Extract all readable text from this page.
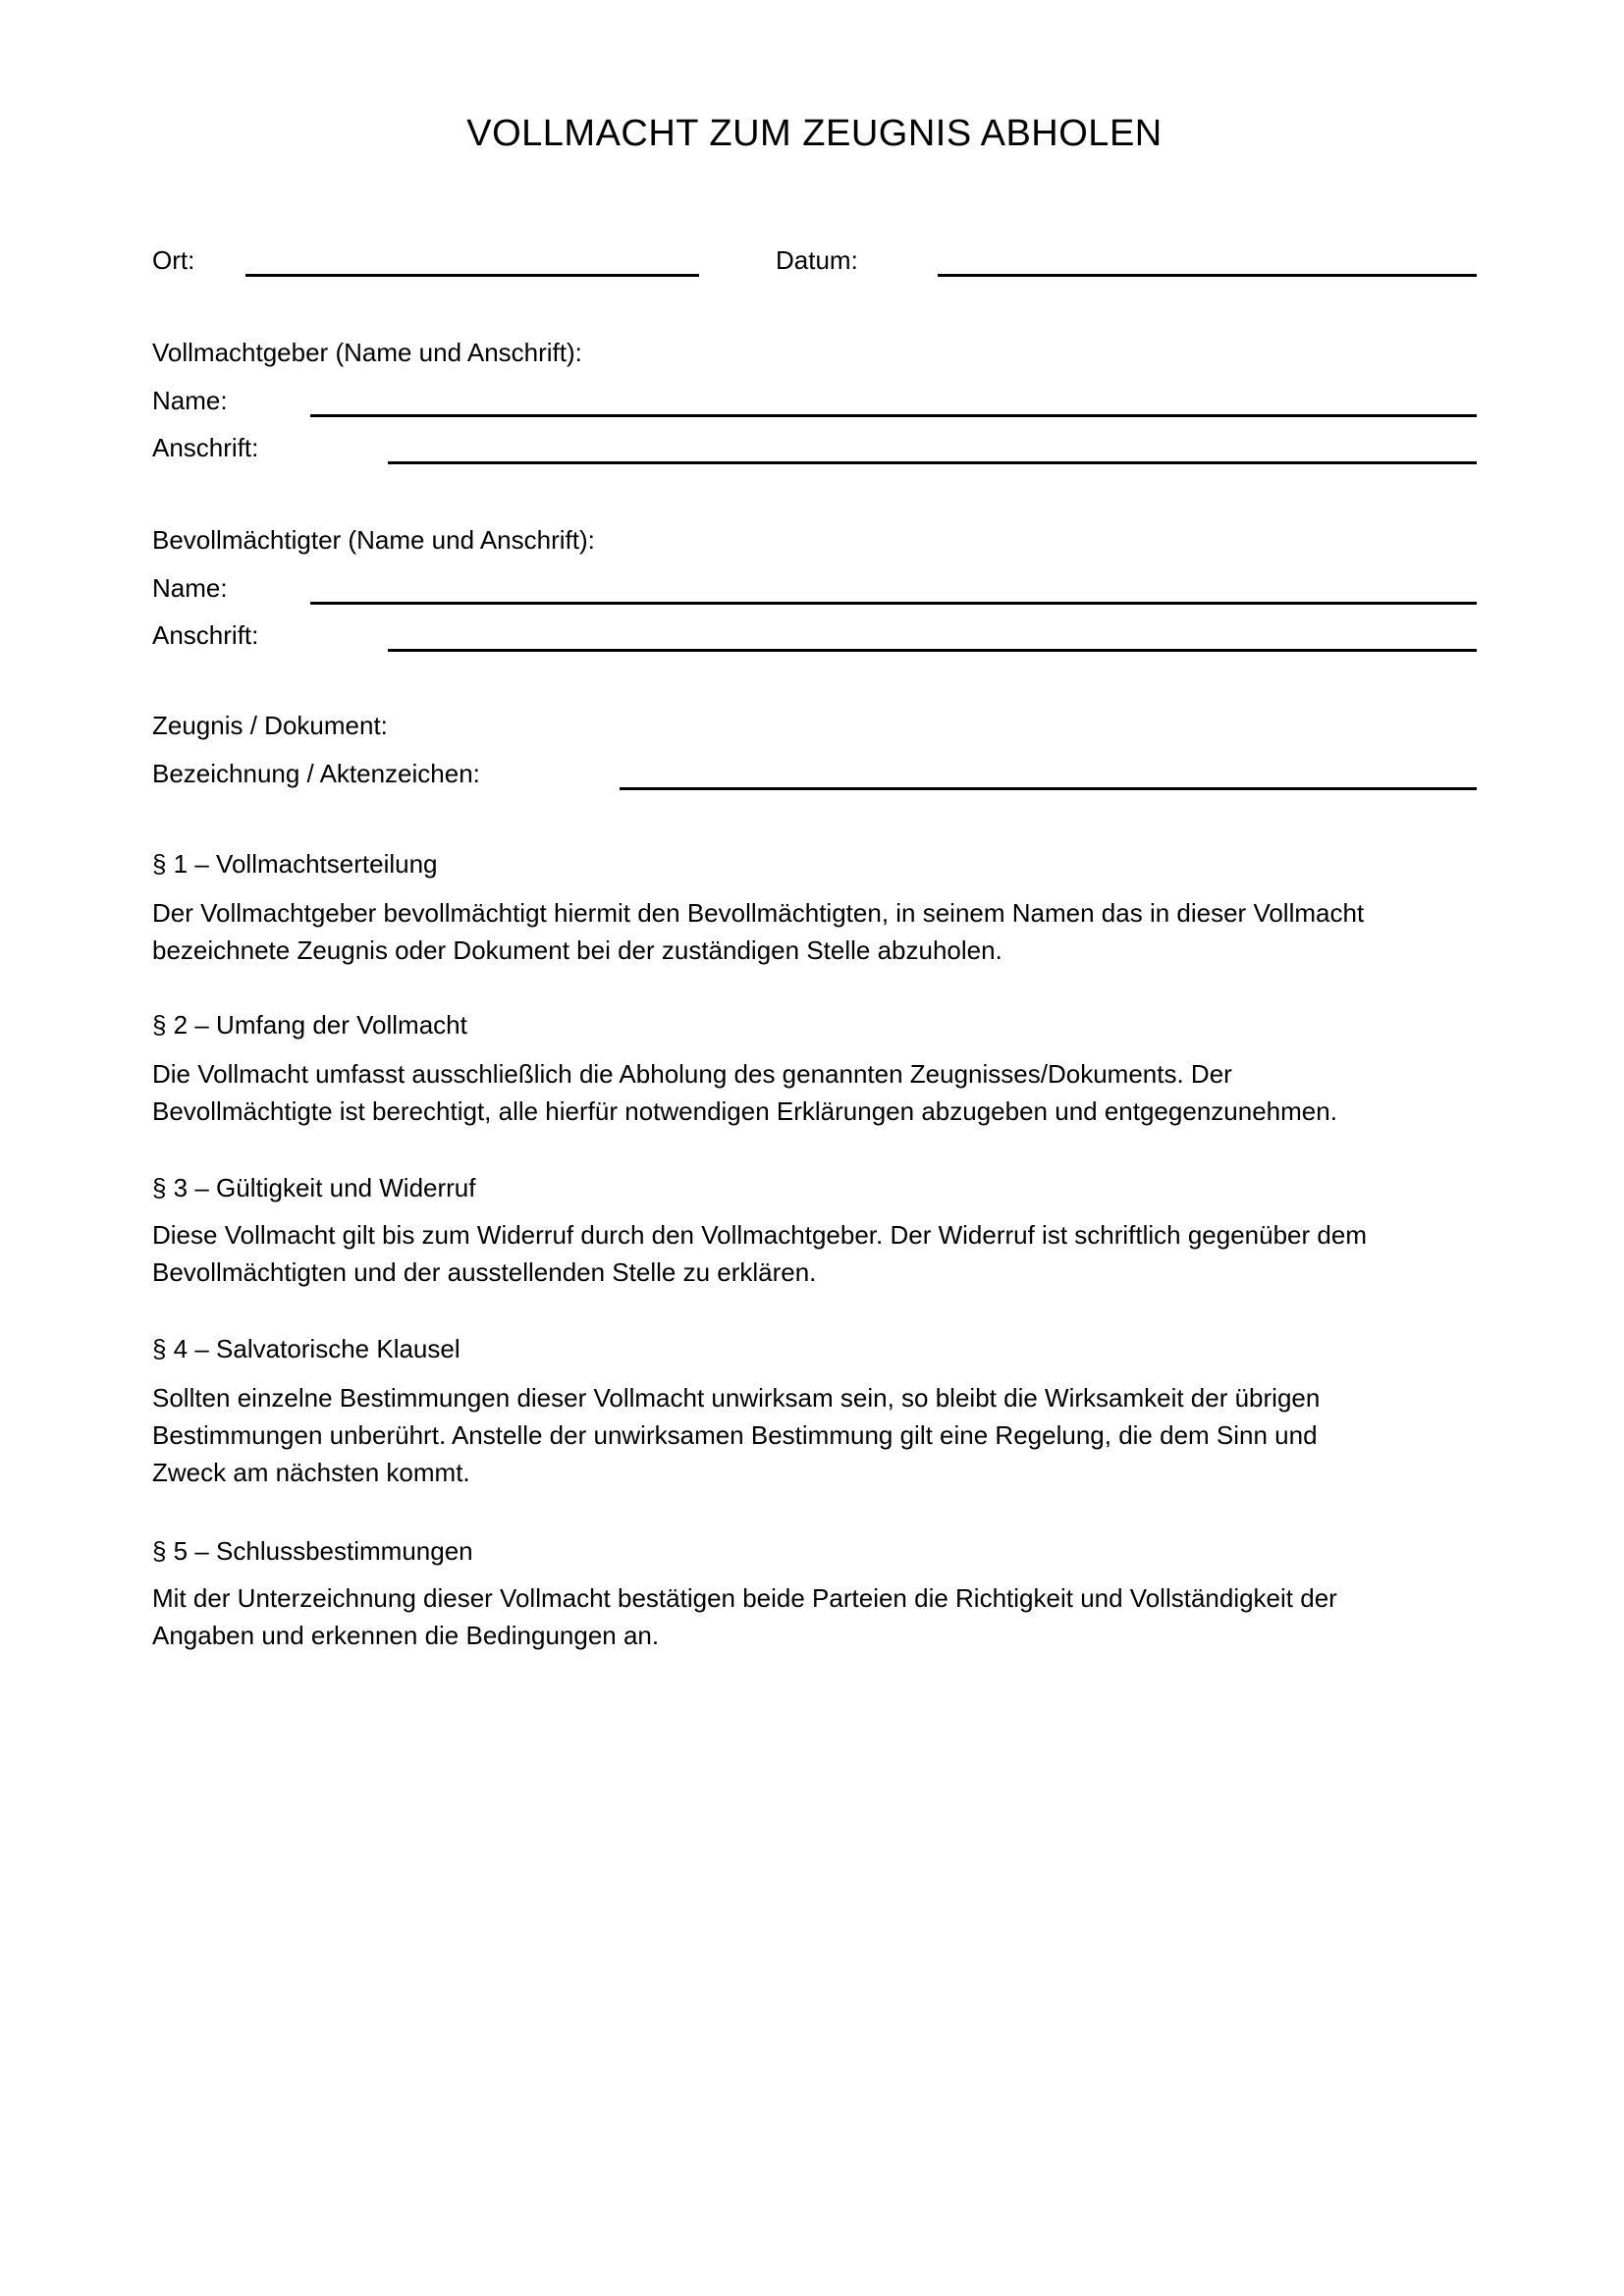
VOLLMACHT ZUM ZEUGNIS ABHOLEN
Ort:	Datum:
Vollmachtgeber (Name und Anschrift):
Name:
Anschrift:
Bevollmächtigter (Name und Anschrift):
Name:
Anschrift:
Zeugnis / Dokument:
Bezeichnung / Aktenzeichen:
§ 1 – Vollmachtserteilung
Der Vollmachtgeber bevollmächtigt hiermit den Bevollmächtigten, in seinem Namen das in dieser Vollmacht
bezeichnete Zeugnis oder Dokument bei der zuständigen Stelle abzuholen.
§ 2 – Umfang der Vollmacht
Die Vollmacht umfasst ausschließlich die Abholung des genannten Zeugnisses/Dokuments. Der
Bevollmächtigte ist berechtigt, alle hierfür notwendigen Erklärungen abzugeben und entgegenzunehmen.
§ 3 – Gültigkeit und Widerruf
Diese Vollmacht gilt bis zum Widerruf durch den Vollmachtgeber. Der Widerruf ist schriftlich gegenüber dem
Bevollmächtigten und der ausstellenden Stelle zu erklären.
§ 4 – Salvatorische Klausel
Sollten einzelne Bestimmungen dieser Vollmacht unwirksam sein, so bleibt die Wirksamkeit der übrigen
Bestimmungen unberührt. Anstelle der unwirksamen Bestimmung gilt eine Regelung, die dem Sinn und
Zweck am nächsten kommt.
§ 5 – Schlussbestimmungen
Mit der Unterzeichnung dieser Vollmacht bestätigen beide Parteien die Richtigkeit und Vollständigkeit der
Angaben und erkennen die Bedingungen an.
